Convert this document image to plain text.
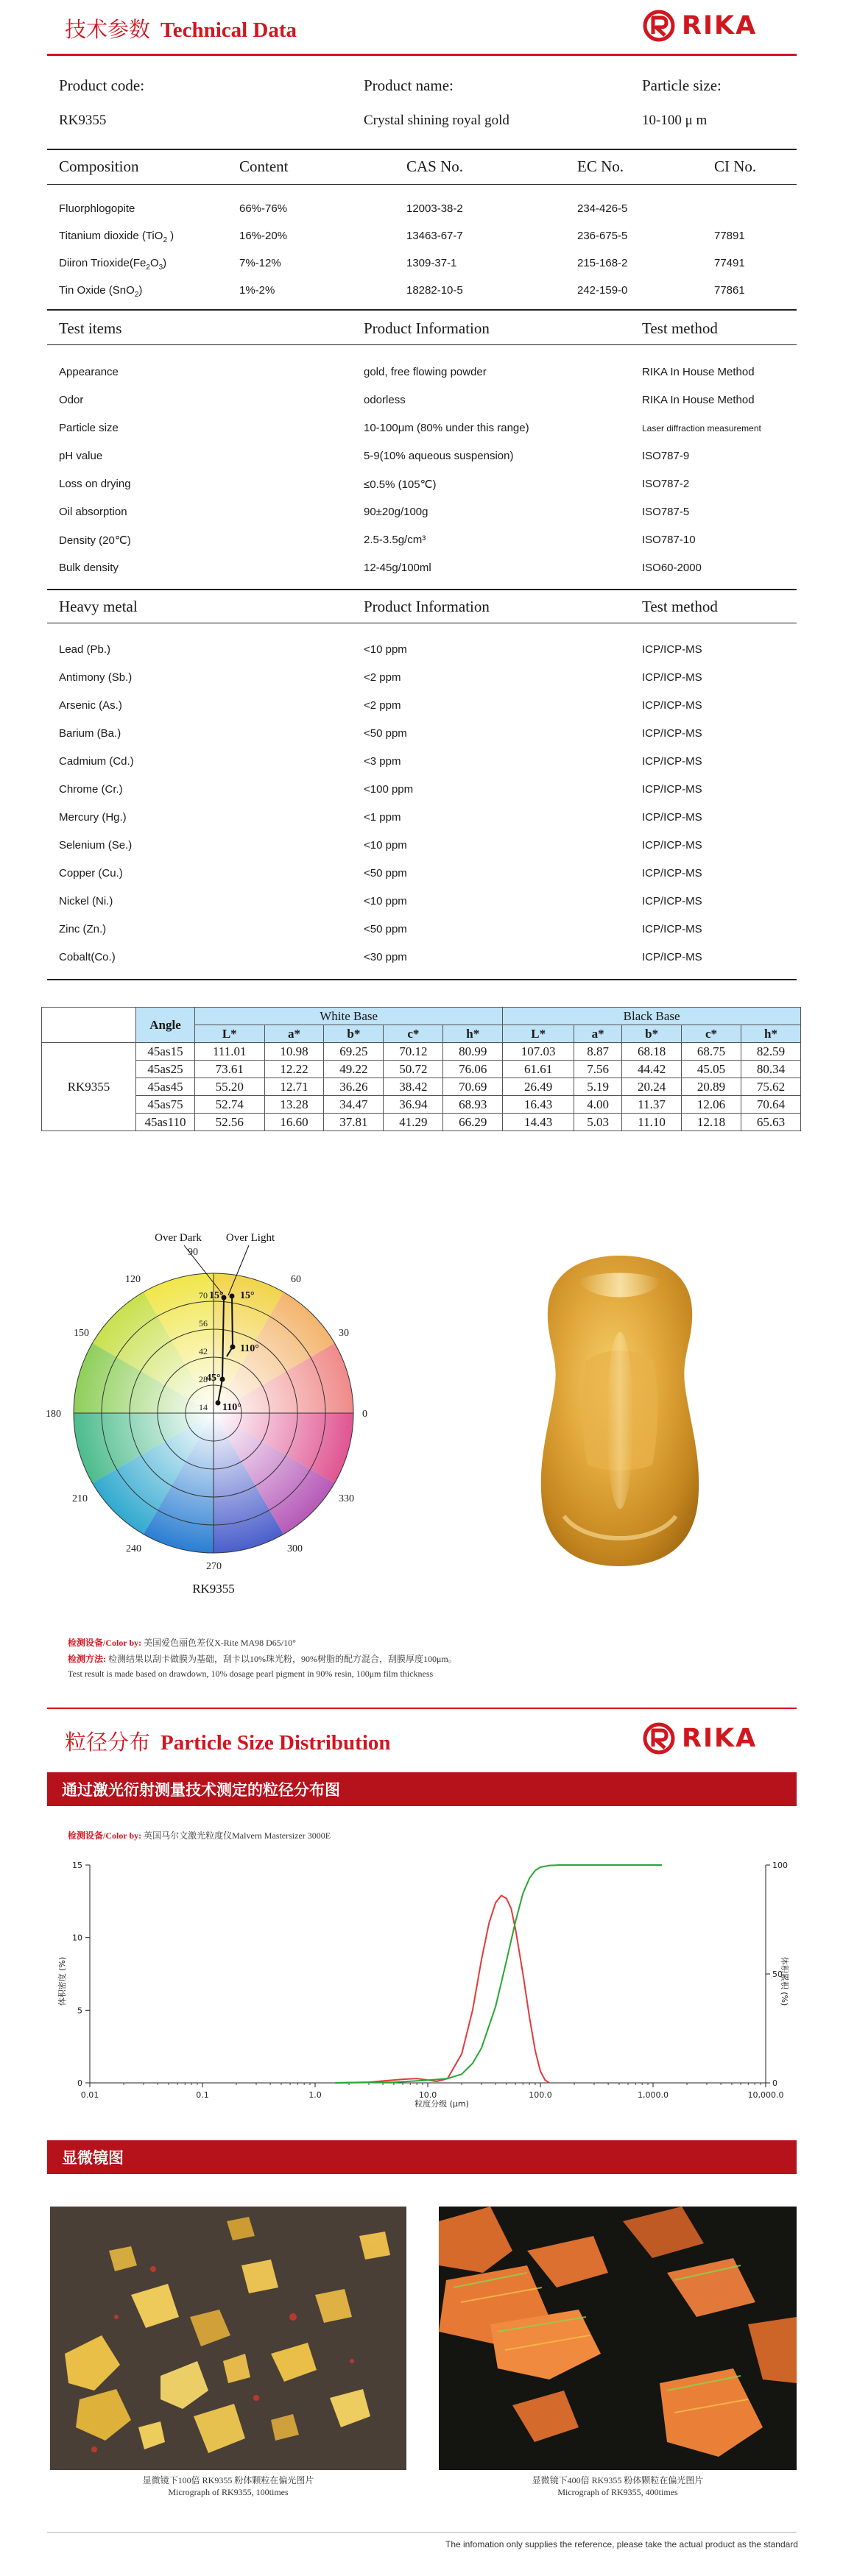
技术参数 Technical Data	RIKA
Product code:	Product name:	Particle size:
RK9355	Crystal shining royal gold	10-100 μ m
Composition	Content	CAS No.	EC No.	CI No.
Fluorphlogopite	66%-76%	12003-38-2	234-426-5
Titanium dioxide (TiO$_2$ )	16%-20%	13463-67-7	236-675-5	77891
Diiron $Trioxide(Fe_2O_3)$	7%-12%	1309-37-1	215-168-2	77491
Tin Oxide (SnO$_2$)	1%-2%	18282-10-5	242-159-0	77861
Test items	Product Information	Test method
Appearance	gold, free flowing powder	RIKA In House Method
Odor	odorless	RIKA In House Method
Particle size	10-100μm (80% under this range)	Laser diffraction measurement
pH value	5-9(10% aqueous suspension)	ISO787-9
Loss on drying	≤0.5% (105℃)	ISO787-2
Oil absorption	90±20g/100g	ISO787-5
Density (20℃)	2.5-3.5g/cm³	ISO787-10
Bulk density	12-45g/100ml	ISO60-2000
Heavy metal	Product Information	Test method
Lead (Pb.)	<10 ppm	ICP/ICP-MS
Antimony (Sb.)	<2 ppm	ICP/ICP-MS
Arsenic (As.)	<2 ppm	ICP/ICP-MS
Barium (Ba.)	<50 ppm	ICP/ICP-MS
Cadmium (Cd.)	<3 ppm	ICP/ICP-MS
Chrome (Cr.)	<100 ppm	ICP/ICP-MS
Mercury (Hg.)	<1 ppm	ICP/ICP-MS
Selenium (Se.)	<10 ppm	ICP/ICP-MS
Copper (Cu.)	<50 ppm	ICP/ICP-MS
Nickel (Ni.)	<10 ppm	ICP/ICP-MS
Zinc (Zn.)	<50 ppm	ICP/ICP-MS
Cobalt(Co.)	<30 ppm	ICP/ICP-MS
	Angle	White Base					Black Base				
		L*	a*	b*	c*	h*	L*	a*	b*	c*	h*
RK9355	45as15	111.01	10.98	69.25	70.12	80.99	107.03	8.87	68.18	68.75	82.59
	45as25	73.61	12.22	49.22	50.72	76.06	61.61	7.56	44.42	45.05	80.34
	45as45	55.20	12.71	36.26	38.42	70.69	26.49	5.19	20.24	20.89	75.62
	45as75	52.74	13.28	34.47	36.94	68.93	16.43	4.00	11.37	12.06	70.64
	45as110	52.56	16.60	37.81	41.29	66.29	14.43	5.03	11.10	12.18	65.63
0
30
60
90
120
150
180
210
240
270
300
330
14
28
42
56
70
Over Dark Over Light
15° 15°
110°
45°
110°
RK9355
检测设备/Color by: 美国爱色丽色差仪X-Rite MA98 D65/10°
检测方法: 检测结果以刮卡做膜为基础，刮卡以10%珠光粉，90%树脂的配方混合，刮膜厚度100μm。
Test result is made based on drawdown, 10% dosage pearl pigment in 90% resin, 100μm film thickness
粒径分布 Particle Size Distribution	RIKA
通过激光衍射测量技术测定的粒径分布图
检测设备/Color by: 英国马尔文激光粒度仪Malvern Mastersizer 3000E
0.01	0.1	1.0	10.0	100.0	1,000.0	10,000.0
0
5
10
15
0
50
100
粒度分级 (μm)
体积密度 (%)	体积累积 (%)
显微镜图
显微镜下100倍 RK9355 粉体颗粒在偏光图片
Micrograph of RK9355, 100times
显微镜下400倍 RK9355 粉体颗粒在偏光图片
Micrograph of RK9355, 400times
The infomation only supplies the reference, please take the actual product as the standard
